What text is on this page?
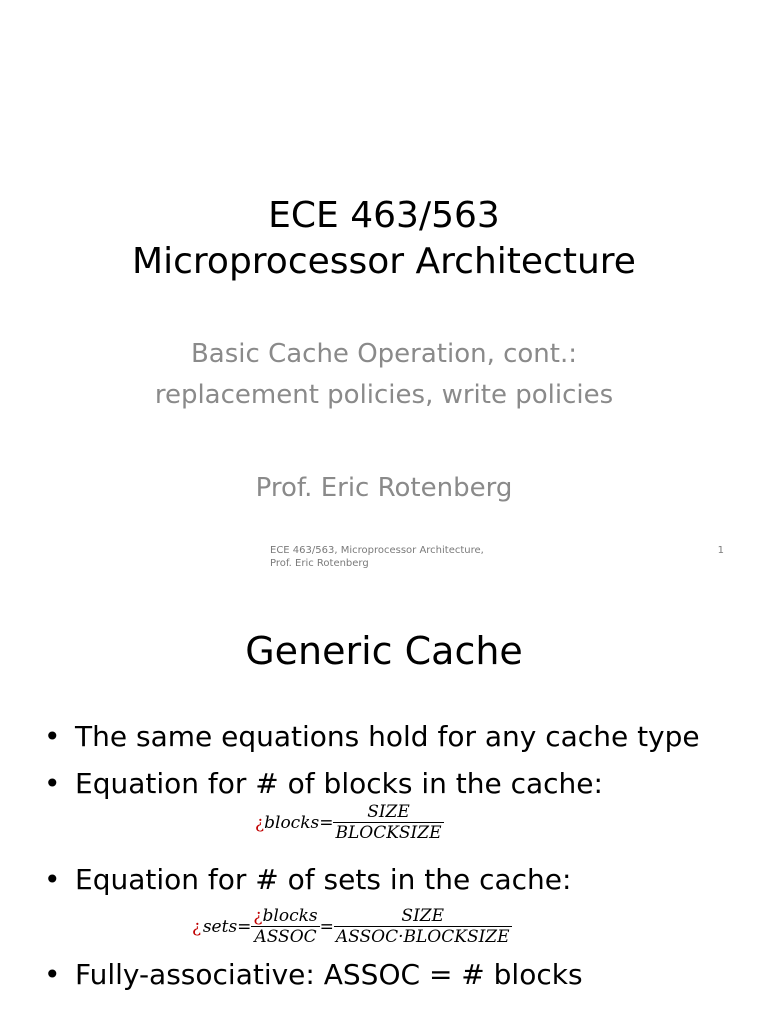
ECE 463/563
Microprocessor Architecture
Basic Cache Operation, cont.:
replacement policies, write policies
Prof. Eric Rotenberg
ECE 463/563, Microprocessor Architecture,
Prof. Eric Rotenberg
1
Generic Cache
• The same equations hold for any cache type
• Equation for # of blocks in the cache:
¿blocks= $\frac{\text{SIZE}}{\text{BLOCKSIZE}}$
• Equation for # of sets in the cache:
¿  sets= $\frac{\text{¿blocks}}{\text{ASSOC}} = \frac{\text{SIZE}}{\text{ASSOC·BLOCKSIZE}}$
• Fully-associative: ASSOC = # blocks
